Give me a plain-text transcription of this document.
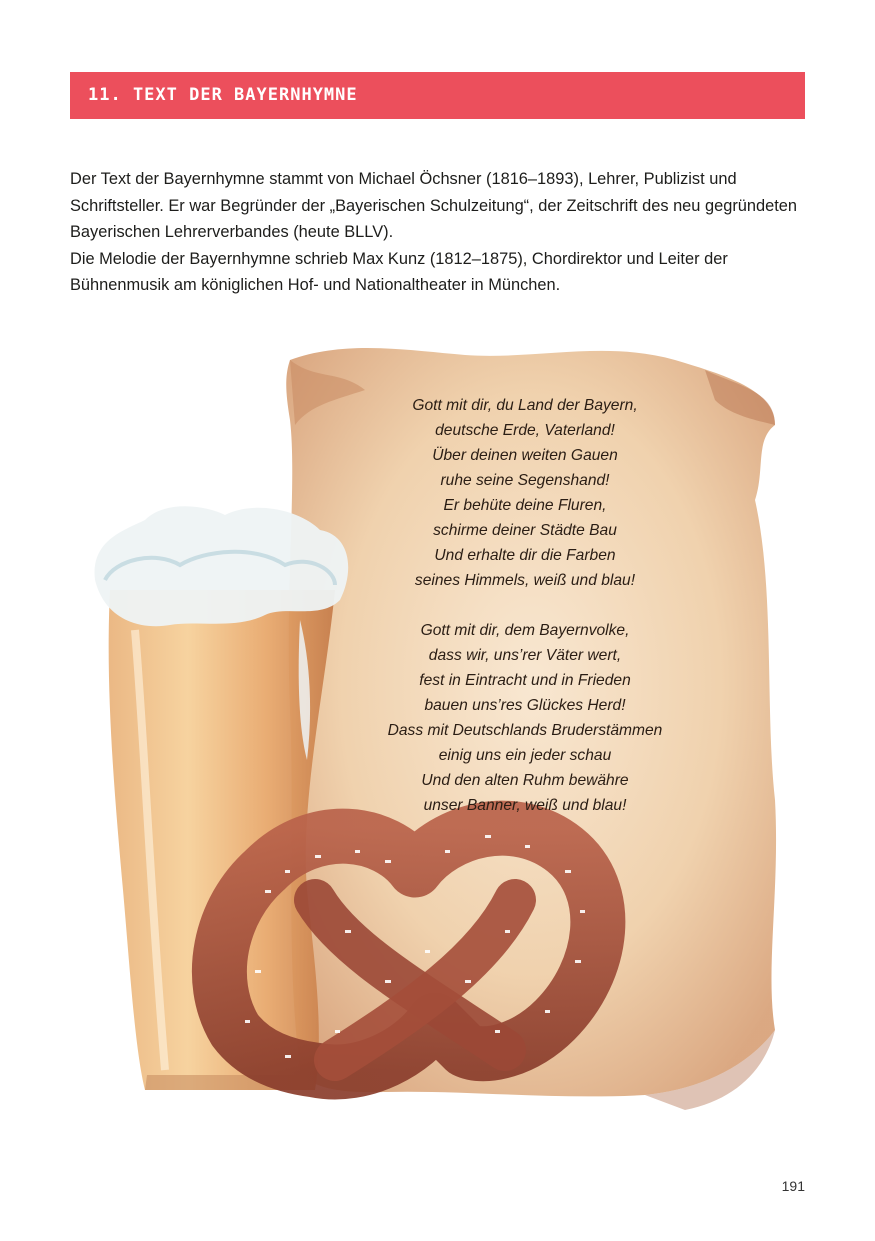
11. TEXT DER BAYERNHYMNE

Der Text der Bayernhymne stammt von Michael Öchsner (1816–1893), Lehrer, Publizist und Schriftsteller. Er war Begründer der „Bayerischen Schulzeitung“, der Zeitschrift des neu gegründeten Bayerischen Lehrerverbandes (heute BLLV).

Die Melodie der Bayernhymne schrieb Max Kunz (1812–1875), Chordirektor und Leiter der Bühnenmusik am königlichen Hof- und Nationaltheater in München.

Gott mit dir, du Land der Bayern,
deutsche Erde, Vaterland!
Über deinen weiten Gauen
ruhe seine Segenshand!
Er behüte deine Fluren,
schirme deiner Städte Bau
Und erhalte dir die Farben
seines Himmels, weiß und blau!
Gott mit dir, dem Bayernvolke,
dass wir, uns’rer Väter wert,
fest in Eintracht und in Frieden
bauen uns’res Glückes Herd!
Dass mit Deutschlands Bruderstämmen
einig uns ein jeder schau
Und den alten Ruhm bewähre
unser Banner, weiß und blau!
191
